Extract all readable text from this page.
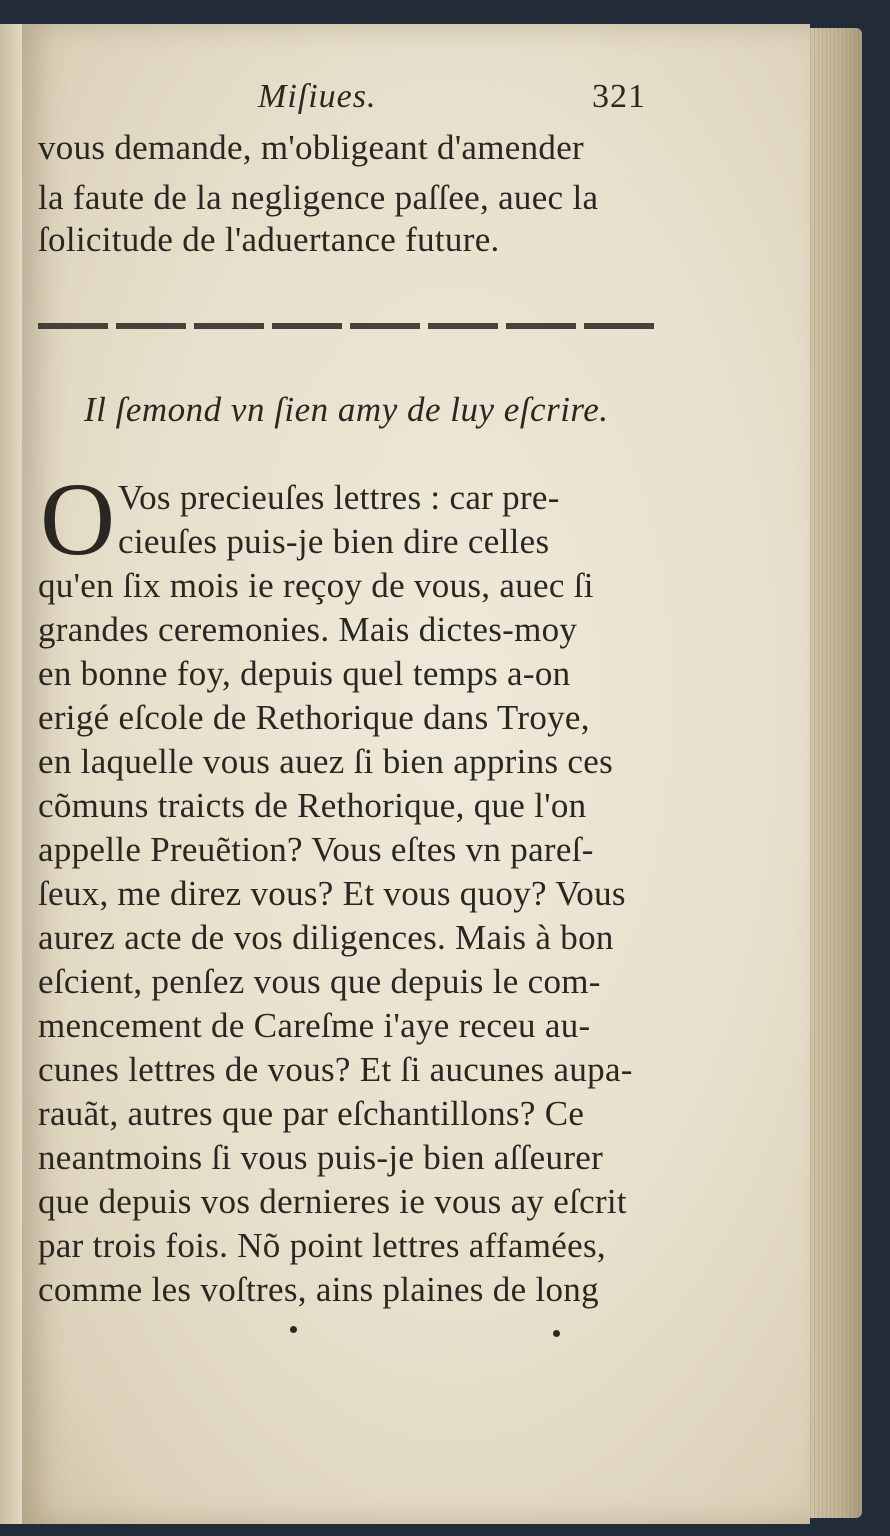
Miſiues.	321
vous demande, m'obligeant d'amender
la faute de la negligence paſſee, auec la
ſolicitude de l'aduertance future.
Il ſemond vn ſien amy de luy eſcrire.
O Vos precieuſes lettres : car pre-
cieuſes puis-je bien dire celles
qu'en ſix mois ie reçoy de vous, auec ſi
grandes ceremonies. Mais dictes-moy
en bonne foy, depuis quel temps a-on
erigé eſcole de Rethorique dans Troye,
en laquelle vous auez ſi bien apprins ces
cõmuns traicts de Rethorique, que l'on
appelle Preuẽtion? Vous eſtes vn pareſ-
ſeux, me direz vous? Et vous quoy? Vous
aurez acte de vos diligences. Mais à bon
eſcient, penſez vous que depuis le com-
mencement de Careſme i'aye receu au-
cunes lettres de vous? Et ſi aucunes aupa-
rauãt, autres que par eſchantillons? Ce
neantmoins ſi vous puis-je bien aſſeurer
que depuis vos dernieres ie vous ay eſcrit
par trois fois. Nõ point lettres affamées,
comme les voſtres, ains plaines de long
